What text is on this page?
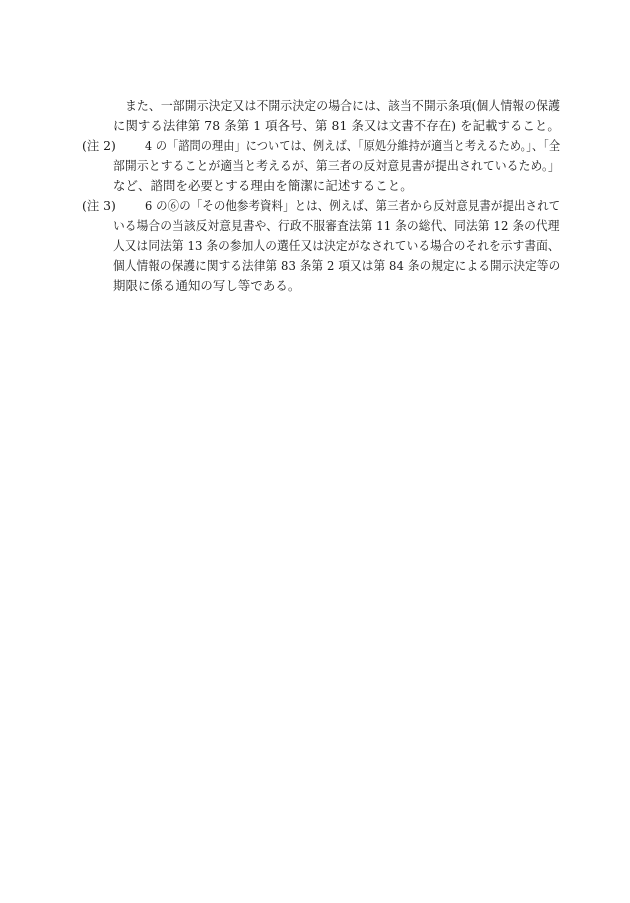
　また、一部開示決定又は不開示決定の場合には、該当不開示条項(個人情報の保護
に関する法律第 78 条第 1 項各号、第 81 条又は文書不存在) を記載すること。
(注 2) 4 の「諮問の理由」については、例えば、「原処分維持が適当と考えるため。」、「全
部開示とすることが適当と考えるが、第三者の反対意見書が提出されているため。」
など、諮問を必要とする理由を簡潔に記述すること。
(注 3) 6 の⑥の「その他参考資料」とは、例えば、第三者から反対意見書が提出されて
いる場合の当該反対意見書や、行政不服審査法第 11 条の総代、同法第 12 条の代理
人又は同法第 13 条の参加人の選任又は決定がなされている場合のそれを示す書面、
個人情報の保護に関する法律第 83 条第 2 項又は第 84 条の規定による開示決定等の
期限に係る通知の写し等である。
